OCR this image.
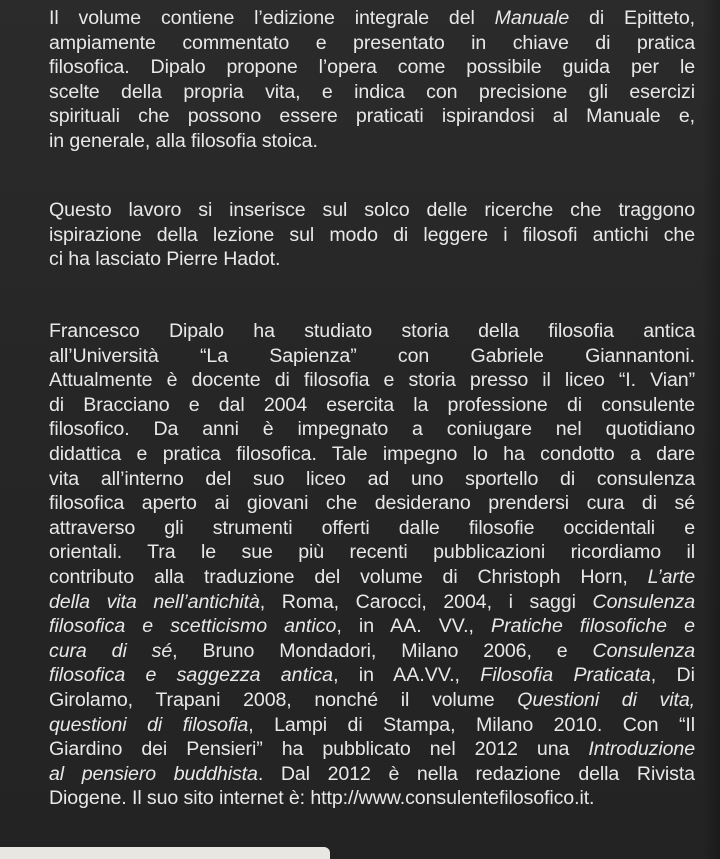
Il volume contiene l’edizione integrale del Manuale di Epitteto,
ampiamente commentato e presentato in chiave di pratica
filosofica. Dipalo propone l’opera come possibile guida per le
scelte della propria vita, e indica con precisione gli esercizi
spirituali che possono essere praticati ispirandosi al Manuale e,
in generale, alla filosofia stoica.
Questo lavoro si inserisce sul solco delle ricerche che traggono
ispirazione della lezione sul modo di leggere i filosofi antichi che
ci ha lasciato Pierre Hadot.
Francesco Dipalo ha studiato storia della filosofia antica
all’Università “La Sapienza” con Gabriele Giannantoni.
Attualmente è docente di filosofia e storia presso il liceo “I. Vian”
di Bracciano e dal 2004 esercita la professione di consulente
filosofico. Da anni è impegnato a coniugare nel quotidiano
didattica e pratica filosofica. Tale impegno lo ha condotto a dare
vita all’interno del suo liceo ad uno sportello di consulenza
filosofica aperto ai giovani che desiderano prendersi cura di sé
attraverso gli strumenti offerti dalle filosofie occidentali e
orientali. Tra le sue più recenti pubblicazioni ricordiamo il
contributo alla traduzione del volume di Christoph Horn, L’arte
della vita nell’antichità, Roma, Carocci, 2004, i saggi Consulenza
filosofica e scetticismo antico, in AA. VV., Pratiche filosofiche e
cura di sé, Bruno Mondadori, Milano 2006, e Consulenza
filosofica e saggezza antica, in AA.VV., Filosofia Praticata, Di
Girolamo, Trapani 2008, nonché il volume Questioni di vita,
questioni di filosofia, Lampi di Stampa, Milano 2010. Con “Il
Giardino dei Pensieri” ha pubblicato nel 2012 una Introduzione
al pensiero buddhista. Dal 2012 è nella redazione della Rivista
Diogene. Il suo sito internet è: http://www.consulentefilosofico.it.
